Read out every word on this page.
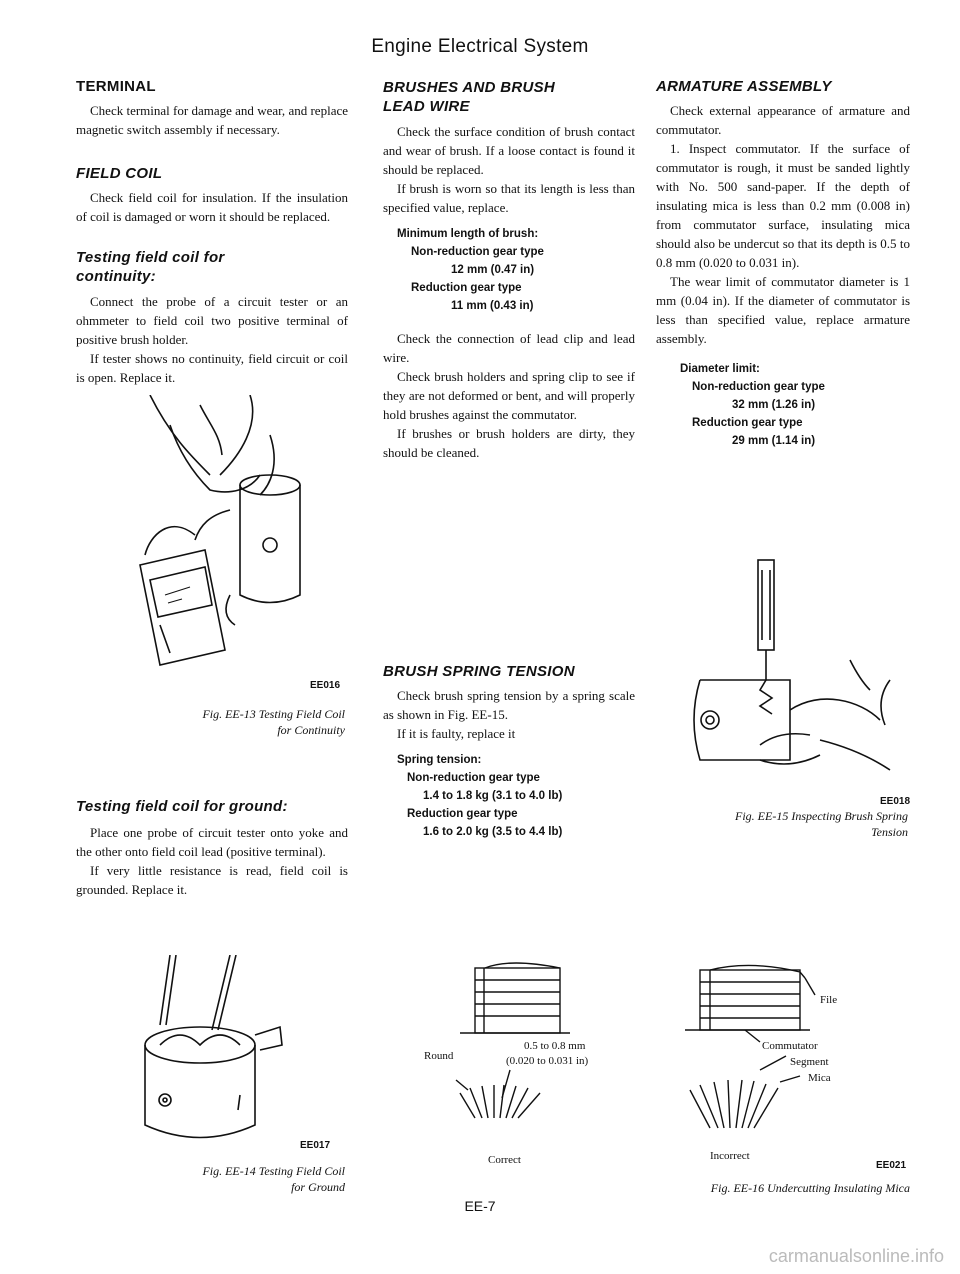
Engine Electrical System
TERMINAL

Check terminal for damage and wear, and replace magnetic switch assembly if necessary.

FIELD COIL

Check field coil for insulation. If the insulation of coil is damaged or worn it should be replaced.

Testing field coil for continuity:

Connect the probe of a circuit tester or an ohmmeter to field coil two positive terminal of positive brush holder.

If tester shows no continuity, field circuit or coil is open. Replace it.

EE016
Fig. EE-13 Testing Field Coil
for Continuity
Testing field coil for ground:

Place one probe of circuit tester onto yoke and the other onto field coil lead (positive terminal).

If very little resistance is read, field coil is grounded. Replace it.

EE017
Fig. EE-14 Testing Field Coil
for Ground
BRUSHES AND BRUSH
LEAD WIRE

Check the surface condition of brush contact and wear of brush. If a loose contact is found it should be replaced.

If brush is worn so that its length is less than specified value, replace.

Minimum length of brush:
Non-reduction gear type
12 mm (0.47 in)
Reduction gear type
11 mm (0.43 in)

Check the connection of lead clip and lead wire.

Check brush holders and spring clip to see if they are not deformed or bent, and will properly hold brushes against the commutator.

If brushes or brush holders are dirty, they should be cleaned.

BRUSH SPRING TENSION

Check brush spring tension by a spring scale as shown in Fig. EE-15.

If it is faulty, replace it

Spring tension:
Non-reduction gear type
1.4 to 1.8 kg (3.1 to 4.0 lb)
Reduction gear type
1.6 to 2.0 kg (3.5 to 4.4 lb)
0.5 to 0.8 mm
(0.020 to 0.031 in)
Round
Correct
ARMATURE ASSEMBLY

Check external appearance of armature and commutator.

1. Inspect commutator. If the surface of commutator is rough, it must be sanded lightly with No. 500 sand-paper. If the depth of insulating mica is less than 0.2 mm (0.008 in) from commutator surface, insulating mica should also be undercut so that its depth is 0.5 to 0.8 mm (0.020 to 0.031 in).

The wear limit of commutator diameter is 1 mm (0.04 in). If the diameter of commutator is less than specified value, replace armature assembly.

Diameter limit:
Non-reduction gear type
32 mm (1.26 in)
Reduction gear type
29 mm (1.14 in)
EE018
Fig. EE-15 Inspecting Brush Spring
Tension
File
Commutator
Segment
Mica
Incorrect
EE021
Fig. EE-16 Undercutting Insulating Mica
EE-7
carmanualsonline.info
